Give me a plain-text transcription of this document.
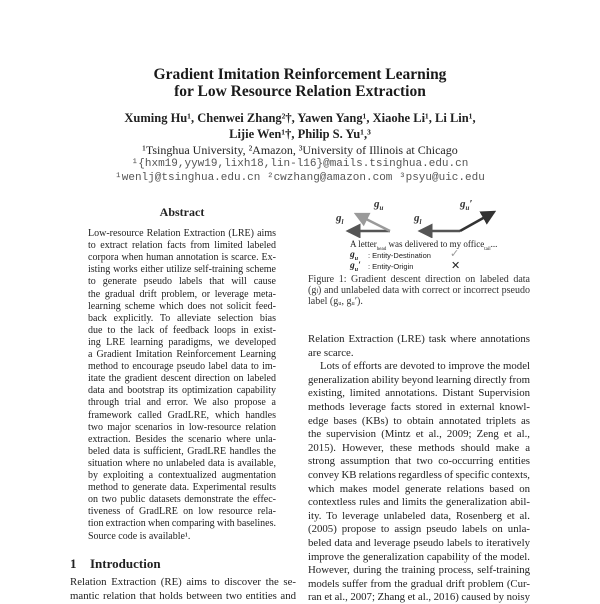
Gradient Imitation Reinforcement Learning
for Low Resource Relation Extraction
Xuming Hu¹, Chenwei Zhang²†, Yawen Yang¹, Xiaohe Li¹, Li Lin¹,
Lijie Wen¹†, Philip S. Yu¹,³
¹Tsinghua University, ²Amazon, ³University of Illinois at Chicago
¹{hxm19,yyw19,lixh18,lin-l16}@mails.tsinghua.edu.cn
¹wenlj@tsinghua.edu.cn ²cwzhang@amazon.com ³psyu@uic.edu
Abstract
Low-resource Relation Extraction (LRE) aims
to extract relation facts from limited labeled
corpora when human annotation is scarce. Ex-
isting works either utilize self-training scheme
to generate pseudo labels that will cause
the gradual drift problem, or leverage meta-
learning scheme which does not solicit feed-
back explicitly. To alleviate selection bias
due to the lack of feedback loops in exist-
ing LRE learning paradigms, we developed
a Gradient Imitation Reinforcement Learning
method to encourage pseudo label data to im-
itate the gradient descent direction on labeled
data and bootstrap its optimization capability
through trial and error. We also propose a
framework called GradLRE, which handles
two major scenarios in low-resource relation
extraction. Besides the scenario where unla-
beled data is sufficient, GradLRE handles the
situation where no unlabeled data is available,
by exploiting a contextualized augmentation
method to generate data. Experimental results
on two public datasets demonstrate the effec-
tiveness of GradLRE on low resource rela-
tion extraction when comparing with baselines.
Source code is available¹.
1 Introduction
Relation Extraction (RE) aims to discover the se-
mantic relation that holds between two entities and
$g_l$
$g_u$
$g_l$
$g_u'$
A letter$_{head}$ was delivered to my office$_{tail}$...
$g_u$ : Entity-Destination
$g_u'$ : Entity-Origin
✓
✕
Figure 1: Gradient descent direction on labeled data
(gₗ) and unlabeled data with correct or incorrect pseudo
label (gᵤ, gᵤ′).
Relation Extraction (LRE) task where annotations
are scarce.
Lots of efforts are devoted to improve the model
generalization ability beyond learning directly from
existing, limited annotations. Distant Supervision
methods leverage facts stored in external knowl-
edge bases (KBs) to obtain annotated triplets as
the supervision (Mintz et al., 2009; Zeng et al.,
2015). However, these methods should make a
strong assumption that two co-occurring entities
convey KB relations regardless of specific contexts,
which makes model generate relations based on
contextless rules and limits the generalization abil-
ity. To leverage unlabeled data, Rosenberg et al.
(2005) propose to assign pseudo labels on unla-
beled data and leverage pseudo labels to iteratively
improve the generalization capability of the model.
However, during the training process, self-training
models suffer from the gradual drift problem (Cur-
ran et al., 2007; Zhang et al., 2016) caused by noisy
